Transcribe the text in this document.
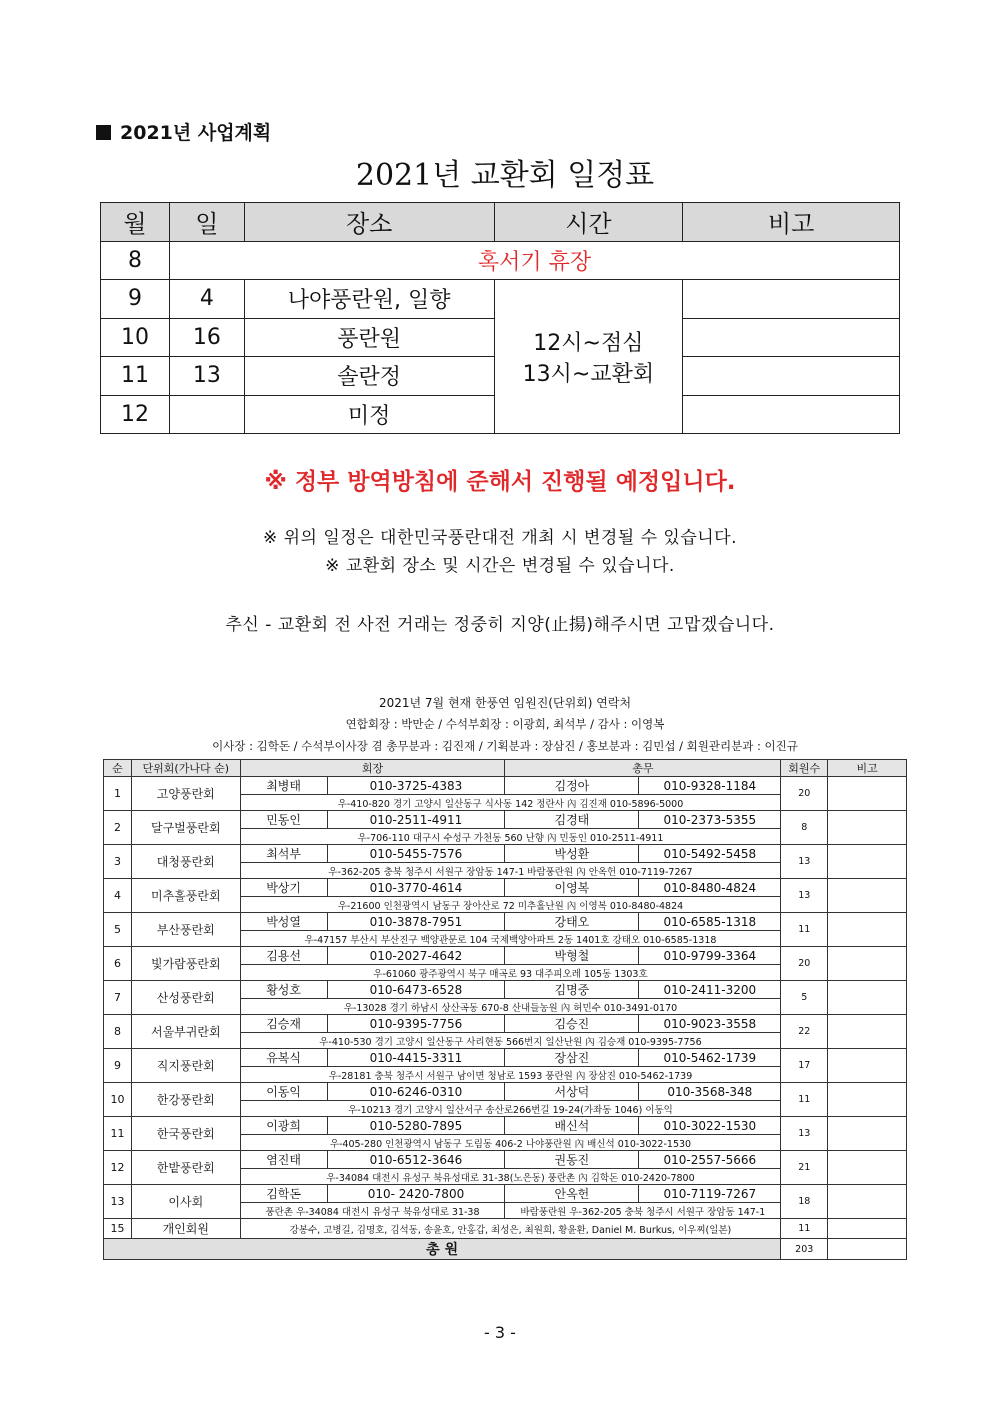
2021년 사업계획
2021년 교환회 일정표
월	일	장소	시간	비고
8	혹서기 휴장			
9	4	나야풍란원, 일향	12시~점심
13시~교환회	

10	16	풍란원		
11	13	솔란정		
12		미정		
※ 정부 방역방침에 준해서 진행될 예정입니다.
※ 위의 일정은 대한민국풍란대전 개최 시 변경될 수 있습니다.
※ 교환회 장소 및 시간은 변경될 수 있습니다.
추신 - 교환회 전 사전 거래는 정중히 지양(止揚)해주시면 고맙겠습니다.
2021년 7월 현재 한풍연 임원진(단위회) 연락처
연합회장 : 박만순 / 수석부회장 : 이광희, 최석부 / 감사 : 이영복
이사장 : 김학돈 / 수석부이사장 겸 총무분과 : 김진재 / 기획분과 : 장삼진 / 홍보분과 : 김민섭 / 회원관리분과 : 이진규
순	단위회(가나다 순)	회장		총무		회원수	비고
1	고양풍란회	최병태	010-3725-4383	김정아	010-9328-1184	20	
		우-410-820 경기 고양시 일산동구 식사동 142 정란사 內 김진재 010-5896-5000					
2	달구벌풍란회	민동인	010-2511-4911	김경태	010-2373-5355	8	
		우-706-110 대구시 수성구 가천동 560 난향 內 민동인 010-2511-4911					
3	대청풍란회	최석부	010-5455-7576	박성환	010-5492-5458	13	
		우-362-205 충북 청주시 서원구 장암동 147-1 바람풍란원 內 안옥헌 010-7119-7267					
4	미추홀풍란회	박상기	010-3770-4614	이영복	010-8480-4824	13	
		우-21600 인천광역시 남동구 장아산로 72 미추홀난원 內 이영복 010-8480-4824					
5	부산풍란회	박성열	010-3878-7951	강태오	010-6585-1318	11	
		우-47157 부산시 부산진구 백양관문로 104 국제백양아파트 2동 1401호 강태오 010-6585-1318					
6	빛가람풍란회	김용선	010-2027-4642	박형철	010-9799-3364	20	
		우-61060 광주광역시 북구 매곡로 93 대주피오레 105동 1303호					
7	산성풍란회	황성호	010-6473-6528	김명중	010-2411-3200	5	
		우-13028 경기 하남시 상산곡동 670-8 산내들농원 內 허민수 010-3491-0170					
8	서울부귀란회	김승재	010-9395-7756	김승진	010-9023-3558	22	
		우-410-530 경기 고양시 일산동구 사리현동 566번지 일산난원 內 김승재 010-9395-7756					
9	직지풍란회	유복식	010-4415-3311	장삼진	010-5462-1739	17	
		우-28181 충북 청주시 서원구 남이면 청남로 1593 풍란원 內 장삼진 010-5462-1739					
10	한강풍란회	이동익	010-6246-0310	서상덕	010-3568-348	11	
		우-10213 경기 고양시 일산서구 송산로266번길 19-24(가좌동 1046) 이동익					
11	한국풍란회	이광희	010-5280-7895	배신석	010-3022-1530	13	
		우-405-280 인천광역시 남동구 도림동 406-2 나야풍란원 內 배신석 010-3022-1530					
12	한밭풍란회	염진태	010-6512-3646	권동진	010-2557-5666	21	
		우-34084 대전시 유성구 북유성대로 31-38(노은동) 풍란촌 內 김학돈 010-2420-7800					
13	이사회	김학돈	010- 2420-7800	안옥헌	010-7119-7267	18	
		풍란촌 우-34084 대전시 유성구 북유성대로 31-38		바람풍란원 우-362-205 충북 청주시 서원구 장암동 147-1			
15	개인회원	강봉수, 고병길, 김명호, 김석동, 송윤호, 안홍갑, 최성은, 최원희, 황윤환, Daniel M. Burkus, 이우찌(일본)				11	
총 원						203	
- 3 -
